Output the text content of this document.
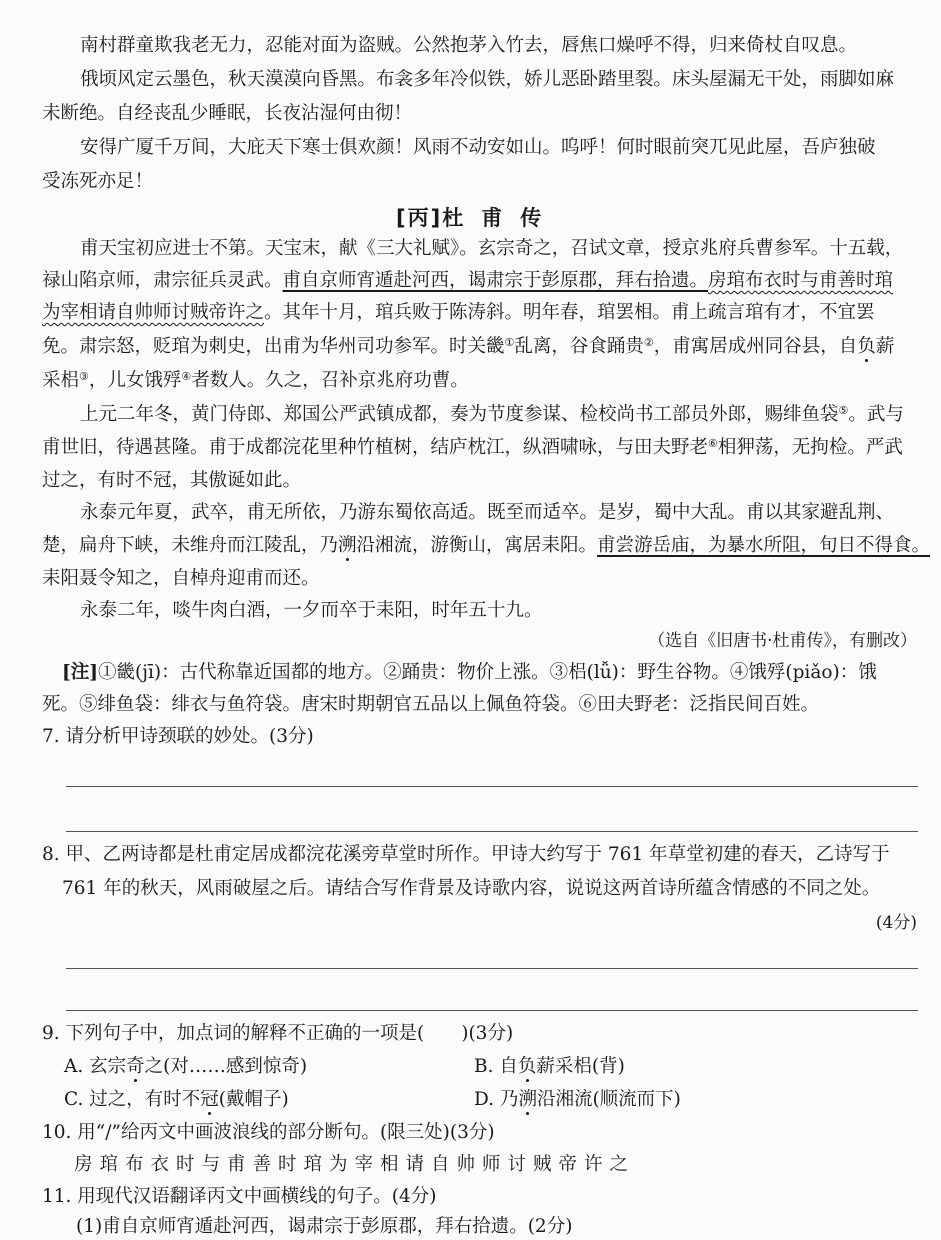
南村群童欺我老无力，忍能对面为盗贼。公然抱茅入竹去，唇焦口燥呼不得，归来倚杖自叹息。
俄顷风定云墨色，秋天漠漠向昏黑。布衾多年冷似铁，娇儿恶卧踏里裂。床头屋漏无干处，雨脚如麻
未断绝。自经丧乱少睡眠，长夜沾湿何由彻！
安得广厦千万间，大庇天下寒士俱欢颜！风雨不动安如山。呜呼！何时眼前突兀见此屋，吾庐独破
受冻死亦足！
[丙]杜甫传
甫天宝初应进士不第。天宝末，献《三大礼赋》。玄宗奇之，召试文章，授京兆府兵曹参军。十五载，
禄山陷京师，肃宗征兵灵武。甫自京师宵遁赴河西，谒肃宗于彭原郡，拜右拾遗。房琯布衣时与甫善时琯
为宰相请自帅师讨贼帝许之。其年十月，琯兵败于陈涛斜。明年春，琯罢相。甫上疏言琯有才，不宜罢
免。肃宗怒，贬琯为刺史，出甫为华州司功参军。时关畿①乱离，谷食踊贵②，甫寓居成州同谷县，自负薪
采梠③，儿女饿殍④者数人。久之，召补京兆府功曹。
上元二年冬，黄门侍郎、郑国公严武镇成都，奏为节度参谋、检校尚书工部员外郎，赐绯鱼袋⑤。武与
甫世旧，待遇甚隆。甫于成都浣花里种竹植树，结庐枕江，纵酒啸咏，与田夫野老⑥相狎荡，无拘检。严武
过之，有时不冠，其傲诞如此。
永泰元年夏，武卒，甫无所依，乃游东蜀依高适。既至而适卒。是岁，蜀中大乱。甫以其家避乱荆、
楚，扁舟下峡，未维舟而江陵乱，乃溯沿湘流，游衡山，寓居耒阳。甫尝游岳庙，为暴水所阻，旬日不得食。
耒阳聂令知之，自棹舟迎甫而还。
永泰二年，啖牛肉白酒，一夕而卒于耒阳，时年五十九。
（选自《旧唐书·杜甫传》，有删改）
[注]①畿(jī)：古代称靠近国都的地方。②踊贵：物价上涨。③梠(lǚ)：野生谷物。④饿殍(piǎo)：饿
死。⑤绯鱼袋：绯衣与鱼符袋。唐宋时期朝官五品以上佩鱼符袋。⑥田夫野老：泛指民间百姓。
7. 请分析甲诗颈联的妙处。(3分)
8. 甲、乙两诗都是杜甫定居成都浣花溪旁草堂时所作。甲诗大约写于 761 年草堂初建的春天，乙诗写于
761 年的秋天，风雨破屋之后。请结合写作背景及诗歌内容，说说这两首诗所蕴含情感的不同之处。
(4分)
9. 下列句子中，加点词的解释不正确的一项是(　　)(3分)
A. 玄宗奇之(对……感到惊奇)	B. 自负薪采梠(背)
C. 过之，有时不冠(戴帽子)	D. 乃溯沿湘流(顺流而下)
10. 用“/”给丙文中画波浪线的部分断句。(限三处)(3分)
房琯布衣时与甫善时琯为宰相请自帅师讨贼帝许之
11. 用现代汉语翻译丙文中画横线的句子。(4分)
(1)甫自京师宵遁赴河西，谒肃宗于彭原郡，拜右拾遗。(2分)
